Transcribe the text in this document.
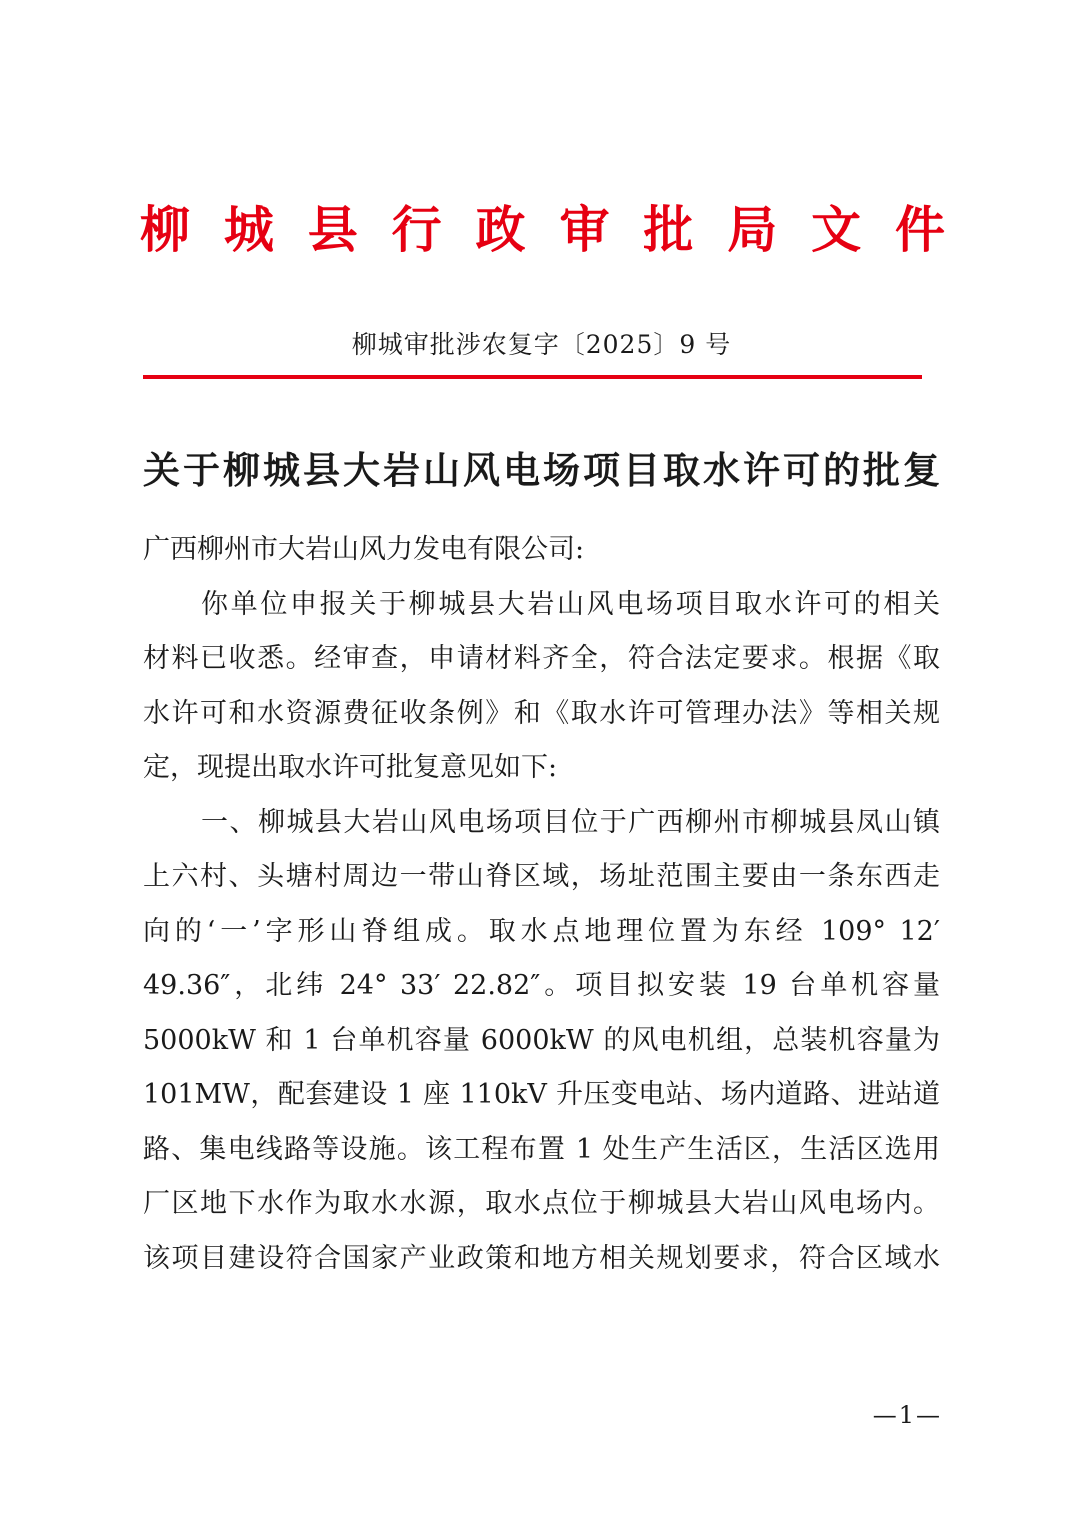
柳城县行政审批局文件
柳城审批涉农复字〔2025〕9 号
关于柳城县大岩山风电场项目取水许可的批复
广西柳州市大岩山风力发电有限公司:
你单位申报关于柳城县大岩山风电场项目取水许可的相关
材料已收悉。经审查，申请材料齐全，符合法定要求。根据《取
水许可和水资源费征收条例》和《取水许可管理办法》等相关规
定，现提出取水许可批复意见如下:
一、柳城县大岩山风电场项目位于广西柳州市柳城县凤山镇
上六村、头塘村周边一带山脊区域，场址范围主要由一条东西走
向的‘一’字形山脊组成。取水点地理位置为东经 109° 12′
49.36″，北纬 24° 33′ 22.82″。项目拟安装 19 台单机容量
5000kW 和 1 台单机容量 6000kW 的风电机组，总装机容量为
101MW，配套建设 1 座 110kV 升压变电站、场内道路、进站道
路、集电线路等设施。该工程布置 1 处生产生活区，生活区选用
厂区地下水作为取水水源，取水点位于柳城县大岩山风电场内。
该项目建设符合国家产业政策和地方相关规划要求，符合区域水
—1—
